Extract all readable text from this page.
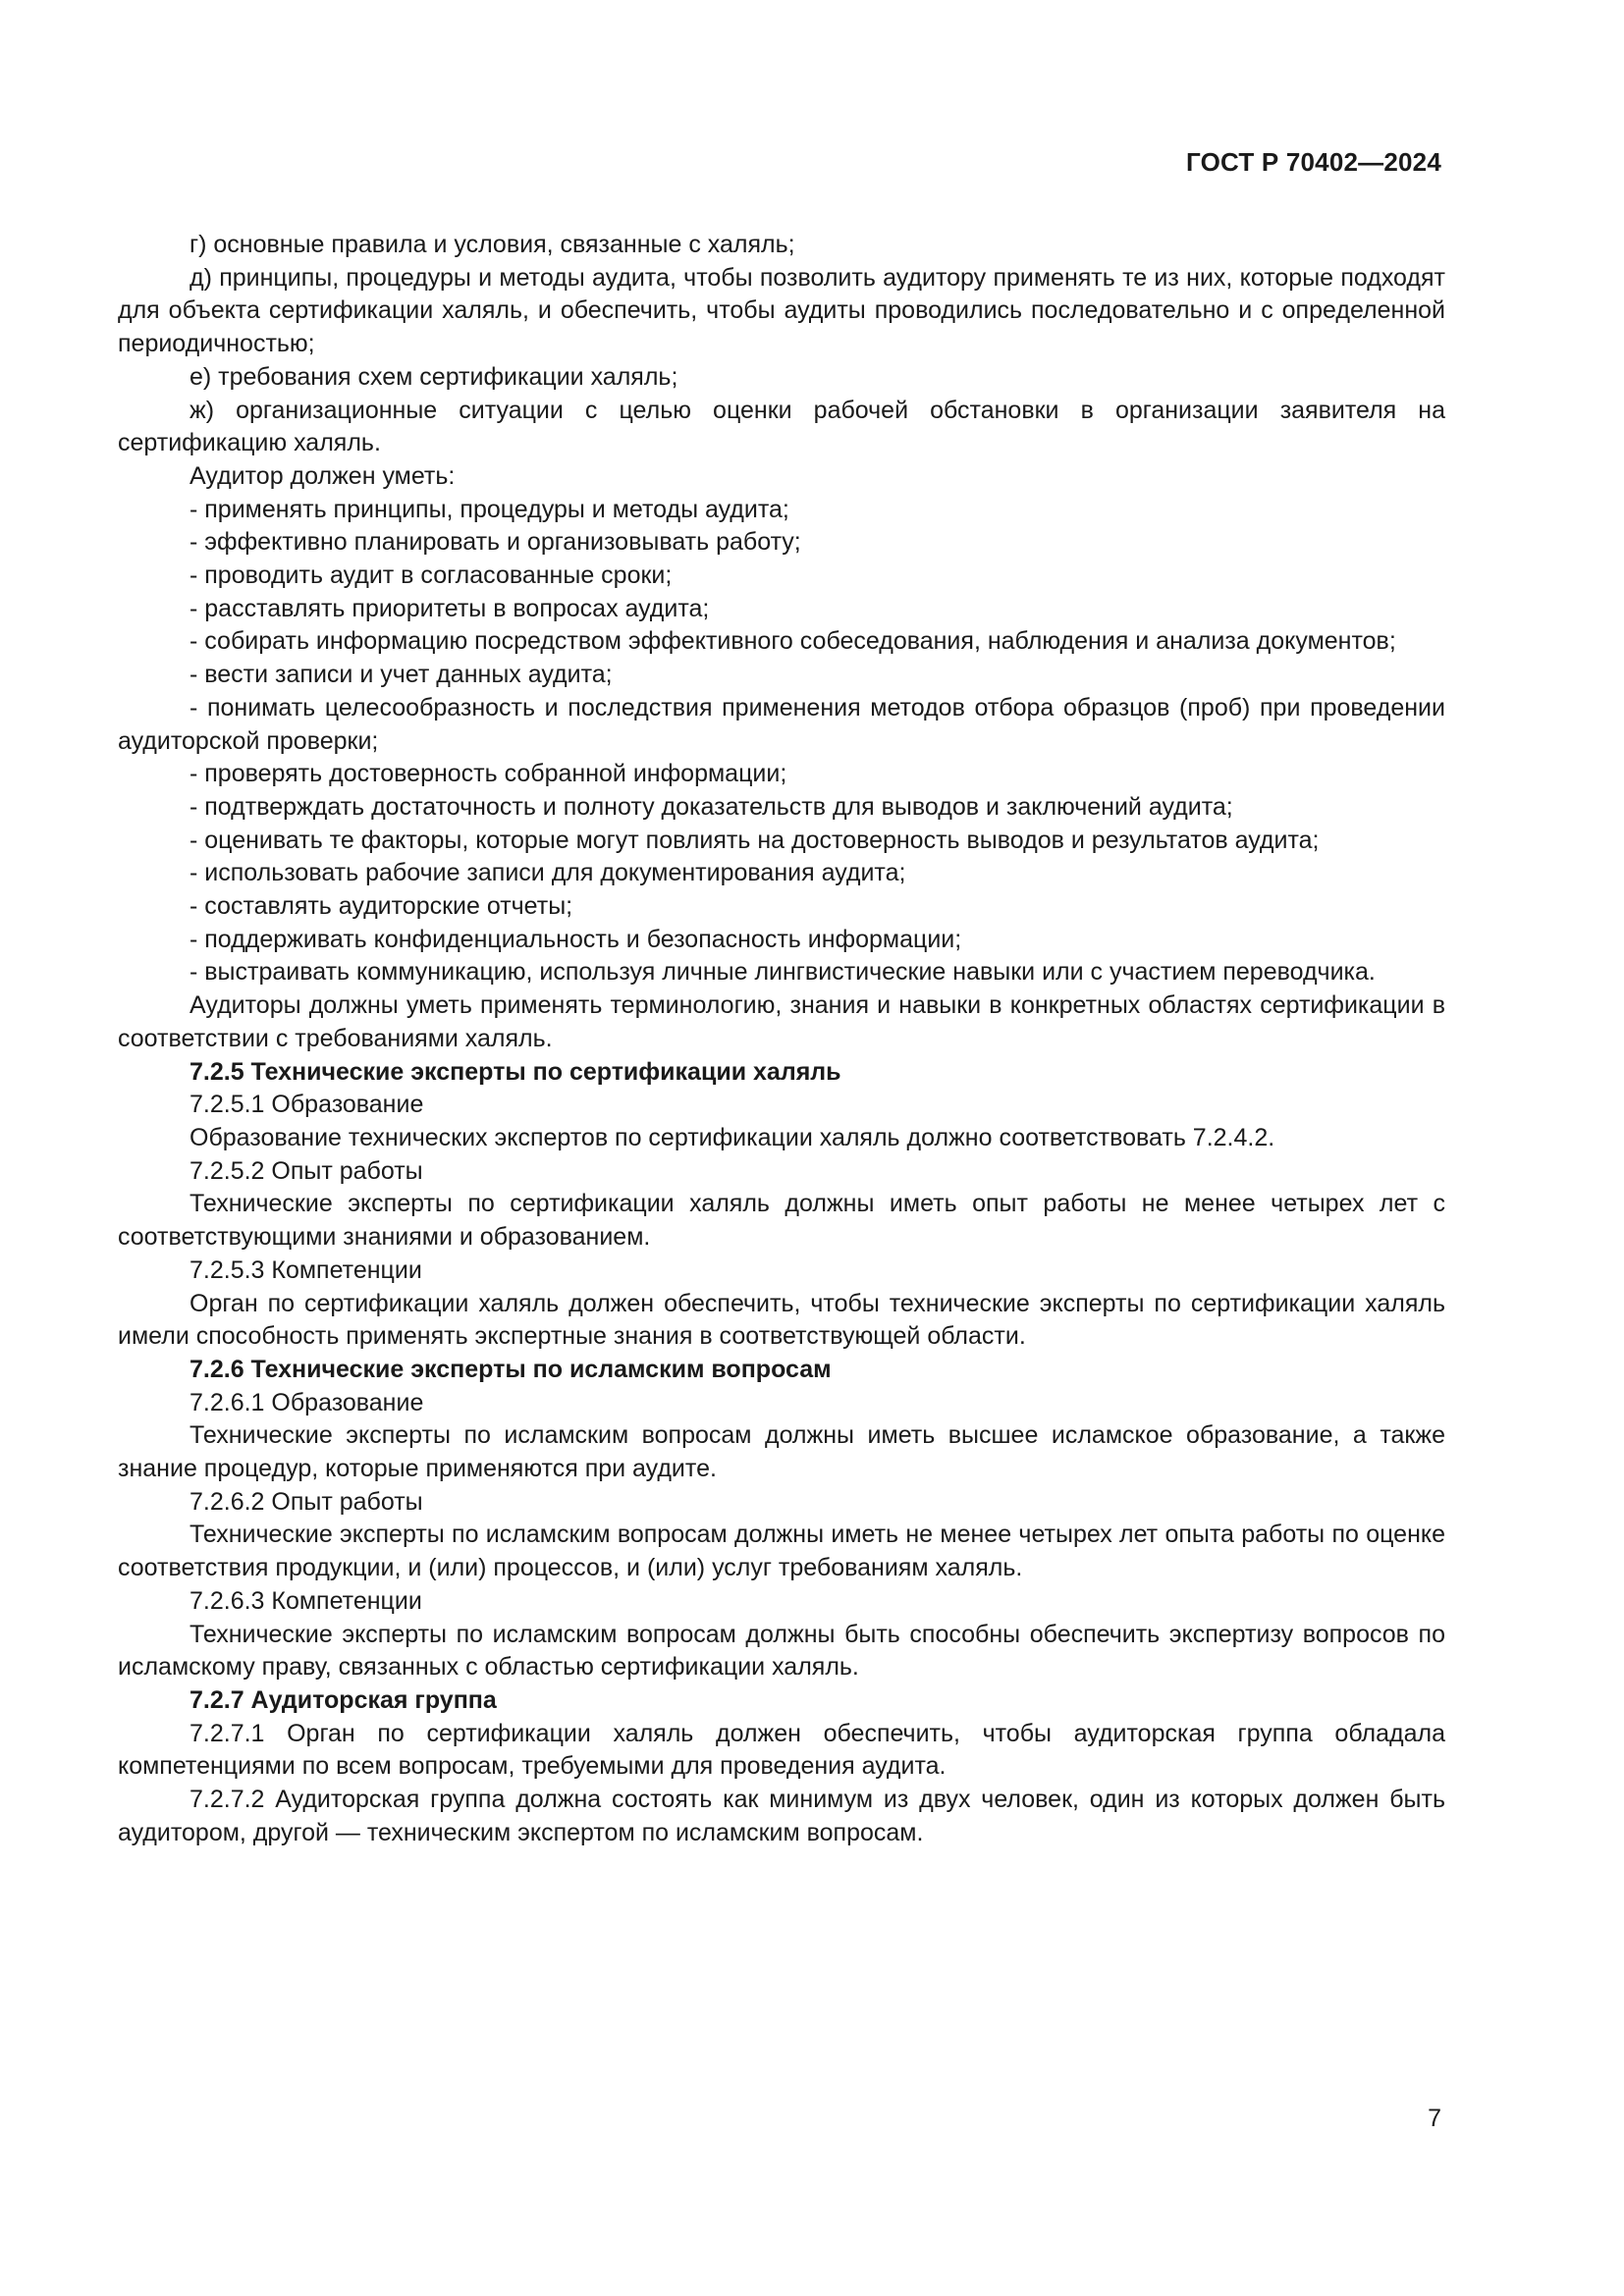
ГОСТ Р 70402—2024

г) основные правила и условия, связанные с халяль;

д) принципы, процедуры и методы аудита, чтобы позволить аудитору применять те из них, которые подходят для объекта сертификации халяль, и обеспечить, чтобы аудиты проводились последовательно и с определенной периодичностью;

е) требования схем сертификации халяль;

ж) организационные ситуации с целью оценки рабочей обстановки в организации заявителя на сертификацию халяль.

Аудитор должен уметь:

- применять принципы, процедуры и методы аудита;

- эффективно планировать и организовывать работу;

- проводить аудит в согласованные сроки;

- расставлять приоритеты в вопросах аудита;

- собирать информацию посредством эффективного собеседования, наблюдения и анализа документов;

- вести записи и учет данных аудита;

- понимать целесообразность и последствия применения методов отбора образцов (проб) при проведении аудиторской проверки;

- проверять достоверность собранной информации;

- подтверждать достаточность и полноту доказательств для выводов и заключений аудита;

- оценивать те факторы, которые могут повлиять на достоверность выводов и результатов аудита;

- использовать рабочие записи для документирования аудита;

- составлять аудиторские отчеты;

- поддерживать конфиденциальность и безопасность информации;

- выстраивать коммуникацию, используя личные лингвистические навыки или с участием переводчика.

Аудиторы должны уметь применять терминологию, знания и навыки в конкретных областях сертификации в соответствии с требованиями халяль.

7.2.5 Технические эксперты по сертификации халяль

7.2.5.1 Образование

Образование технических экспертов по сертификации халяль должно соответствовать 7.2.4.2.

7.2.5.2 Опыт работы

Технические эксперты по сертификации халяль должны иметь опыт работы не менее четырех лет с соответствующими знаниями и образованием.

7.2.5.3 Компетенции

Орган по сертификации халяль должен обеспечить, чтобы технические эксперты по сертификации халяль имели способность применять экспертные знания в соответствующей области.

7.2.6 Технические эксперты по исламским вопросам

7.2.6.1 Образование

Технические эксперты по исламским вопросам должны иметь высшее исламское образование, а также знание процедур, которые применяются при аудите.

7.2.6.2 Опыт работы

Технические эксперты по исламским вопросам должны иметь не менее четырех лет опыта работы по оценке соответствия продукции, и (или) процессов, и (или) услуг требованиям халяль.

7.2.6.3 Компетенции

Технические эксперты по исламским вопросам должны быть способны обеспечить экспертизу вопросов по исламскому праву, связанных с областью сертификации халяль.

7.2.7 Аудиторская группа

7.2.7.1 Орган по сертификации халяль должен обеспечить, чтобы аудиторская группа обладала компетенциями по всем вопросам, требуемыми для проведения аудита.

7.2.7.2 Аудиторская группа должна состоять как минимум из двух человек, один из которых должен быть аудитором, другой — техническим экспертом по исламским вопросам.

7
